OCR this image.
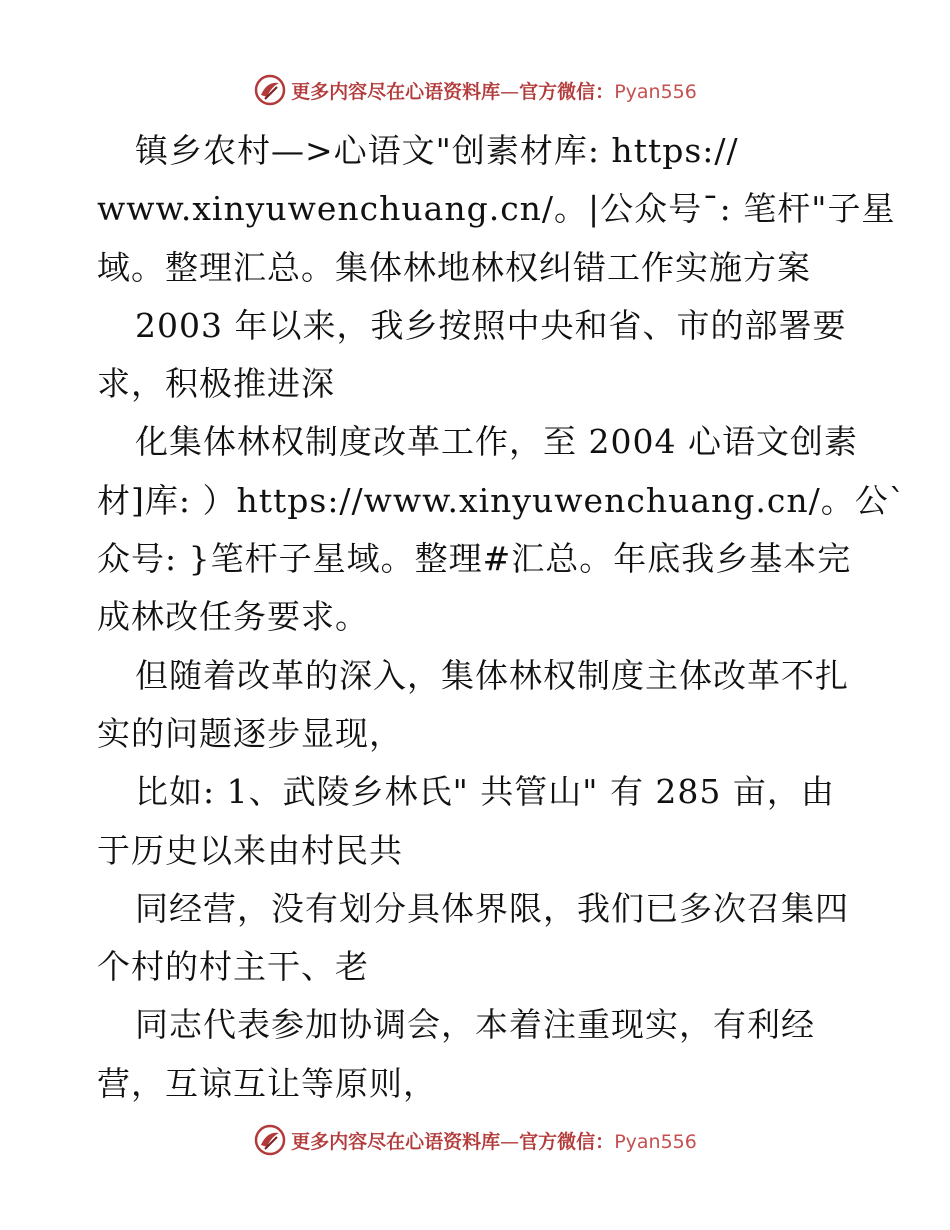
更多内容尽在心语资料库—官方微信：Pyan556
镇乡农村—>心语文"创素材库: https://
www.xinyuwenchuang.cn/。|公众号¯: 笔杆"子星
域。整理汇总。集体林地林权纠错工作实施方案
2003 年以来，我乡按照中央和省、市的部署要
求，积极推进深
化集体林权制度改革工作，至 2004 心语文创素
材]库: ）https://www.xinyuwenchuang.cn/。公`
众号: }笔杆子星域。整理#汇总。年底我乡基本完
成林改任务要求。
但随着改革的深入，集体林权制度主体改革不扎
实的问题逐步显现，
比如: 1、武陵乡林氏" 共管山" 有 285 亩，由
于历史以来由村民共
同经营，没有划分具体界限，我们已多次召集四
个村的村主干、老
同志代表参加协调会，本着注重现实，有利经
营，互谅互让等原则，
更多内容尽在心语资料库—官方微信：Pyan556
